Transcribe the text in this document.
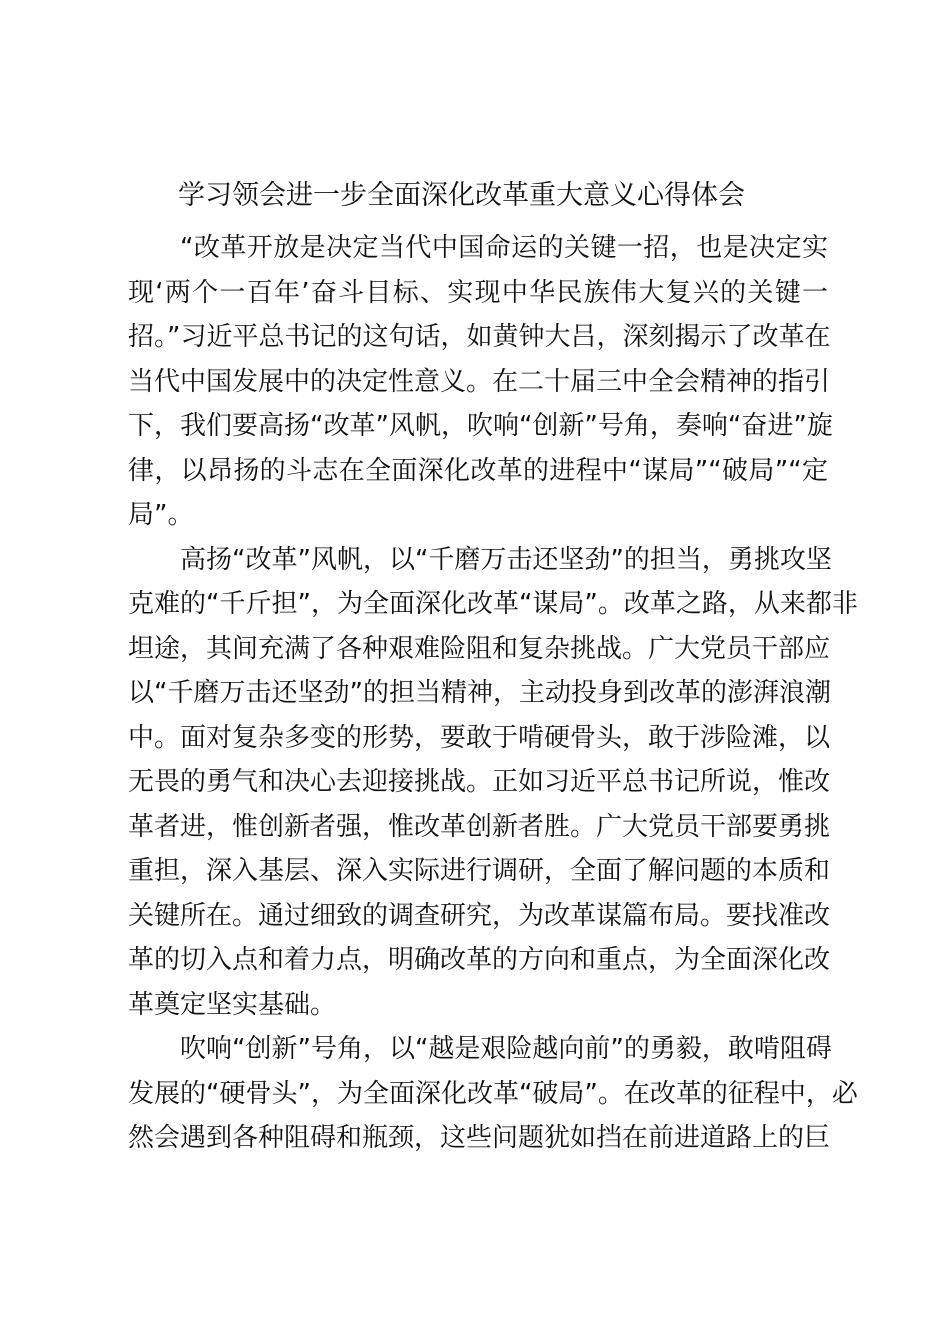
学习领会进一步全面深化改革重大意义心得体会
“改革开放是决定当代中国命运的关键一招，也是决定实
现‘两个一百年’奋斗目标、实现中华民族伟大复兴的关键一
招。”习近平总书记的这句话，如黄钟大吕，深刻揭示了改革在
当代中国发展中的决定性意义。在二十届三中全会精神的指引
下，我们要高扬“改革”风帆，吹响“创新”号角，奏响“奋进”旋
律，以昂扬的斗志在全面深化改革的进程中“谋局”“破局”“定
局”。
高扬“改革”风帆，以“千磨万击还坚劲”的担当，勇挑攻坚
克难的“千斤担”，为全面深化改革“谋局”。改革之路，从来都非
坦途，其间充满了各种艰难险阻和复杂挑战。广大党员干部应
以“千磨万击还坚劲”的担当精神，主动投身到改革的澎湃浪潮
中。面对复杂多变的形势，要敢于啃硬骨头，敢于涉险滩，以
无畏的勇气和决心去迎接挑战。正如习近平总书记所说，惟改
革者进，惟创新者强，惟改革创新者胜。广大党员干部要勇挑
重担，深入基层、深入实际进行调研，全面了解问题的本质和
关键所在。通过细致的调查研究，为改革谋篇布局。要找准改
革的切入点和着力点，明确改革的方向和重点，为全面深化改
革奠定坚实基础。
吹响“创新”号角，以“越是艰险越向前”的勇毅，敢啃阻碍
发展的“硬骨头”，为全面深化改革“破局”。在改革的征程中，必
然会遇到各种阻碍和瓶颈，这些问题犹如挡在前进道路上的巨
